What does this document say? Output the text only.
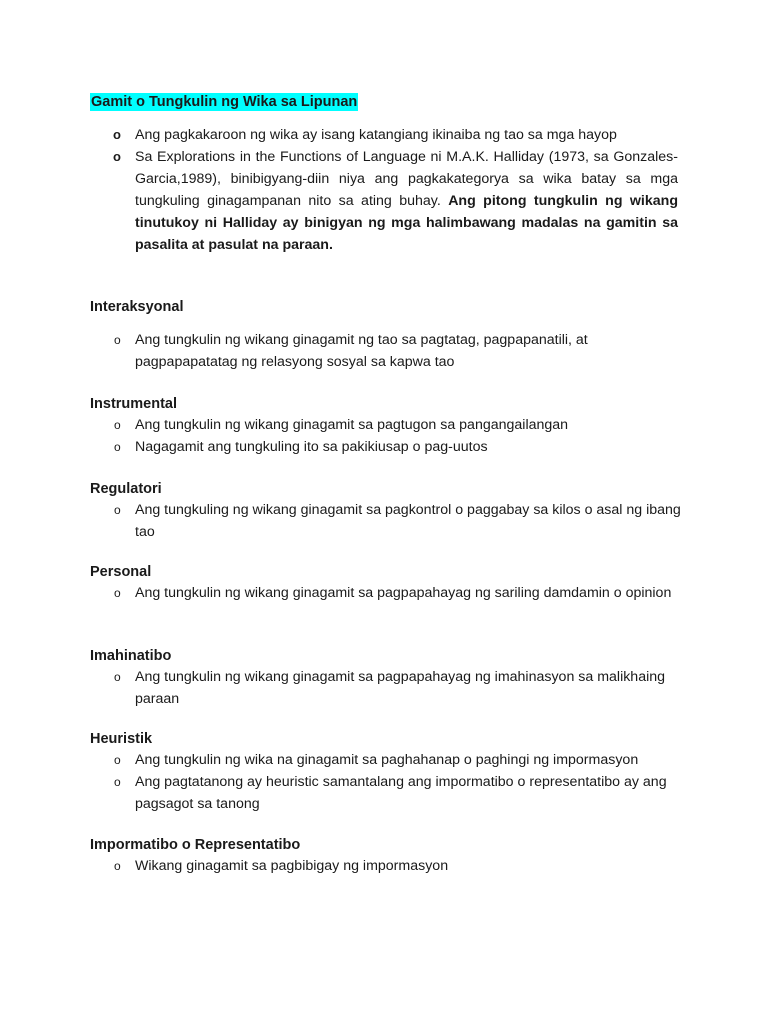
Gamit o Tungkulin ng Wika sa Lipunan
o Ang pagkakaroon ng wika ay isang katangiang ikinaiba ng tao sa mga hayop
o Sa Explorations in the Functions of Language ni M.A.K. Halliday (1973, sa Gonzales-Garcia,1989), binibigyang-diin niya ang pagkakategorya sa wika batay sa mga tungkuling ginagampanan nito sa ating buhay. Ang pitong tungkulin ng wikang tinutukoy ni Halliday ay binigyan ng mga halimbawang madalas na gamitin sa pasalita at pasulat na paraan.
Interaksyonal
o Ang tungkulin ng wikang ginagamit ng tao sa pagtatag, pagpapanatili, at pagpapapatatag ng relasyong sosyal sa kapwa tao
Instrumental
o Ang tungkulin ng wikang ginagamit sa pagtugon sa pangangailangan
o Nagagamit ang tungkuling ito sa pakikiusap o pag-uutos
Regulatori
o Ang tungkuling ng wikang ginagamit sa pagkontrol o paggabay sa kilos o asal ng ibang tao
Personal
o Ang tungkulin ng wikang ginagamit sa pagpapahayag ng sariling damdamin o opinion
Imahinatibo
o Ang tungkulin ng wikang ginagamit sa pagpapahayag ng imahinasyon sa malikhaing paraan
Heuristik
o Ang tungkulin ng wika na ginagamit sa paghahanap o paghingi ng impormasyon
o Ang pagtatanong ay heuristic samantalang ang impormatibo o representatibo ay ang pagsagot sa tanong
Impormatibo o Representatibo
o Wikang ginagamit sa pagbibigay ng impormasyon
